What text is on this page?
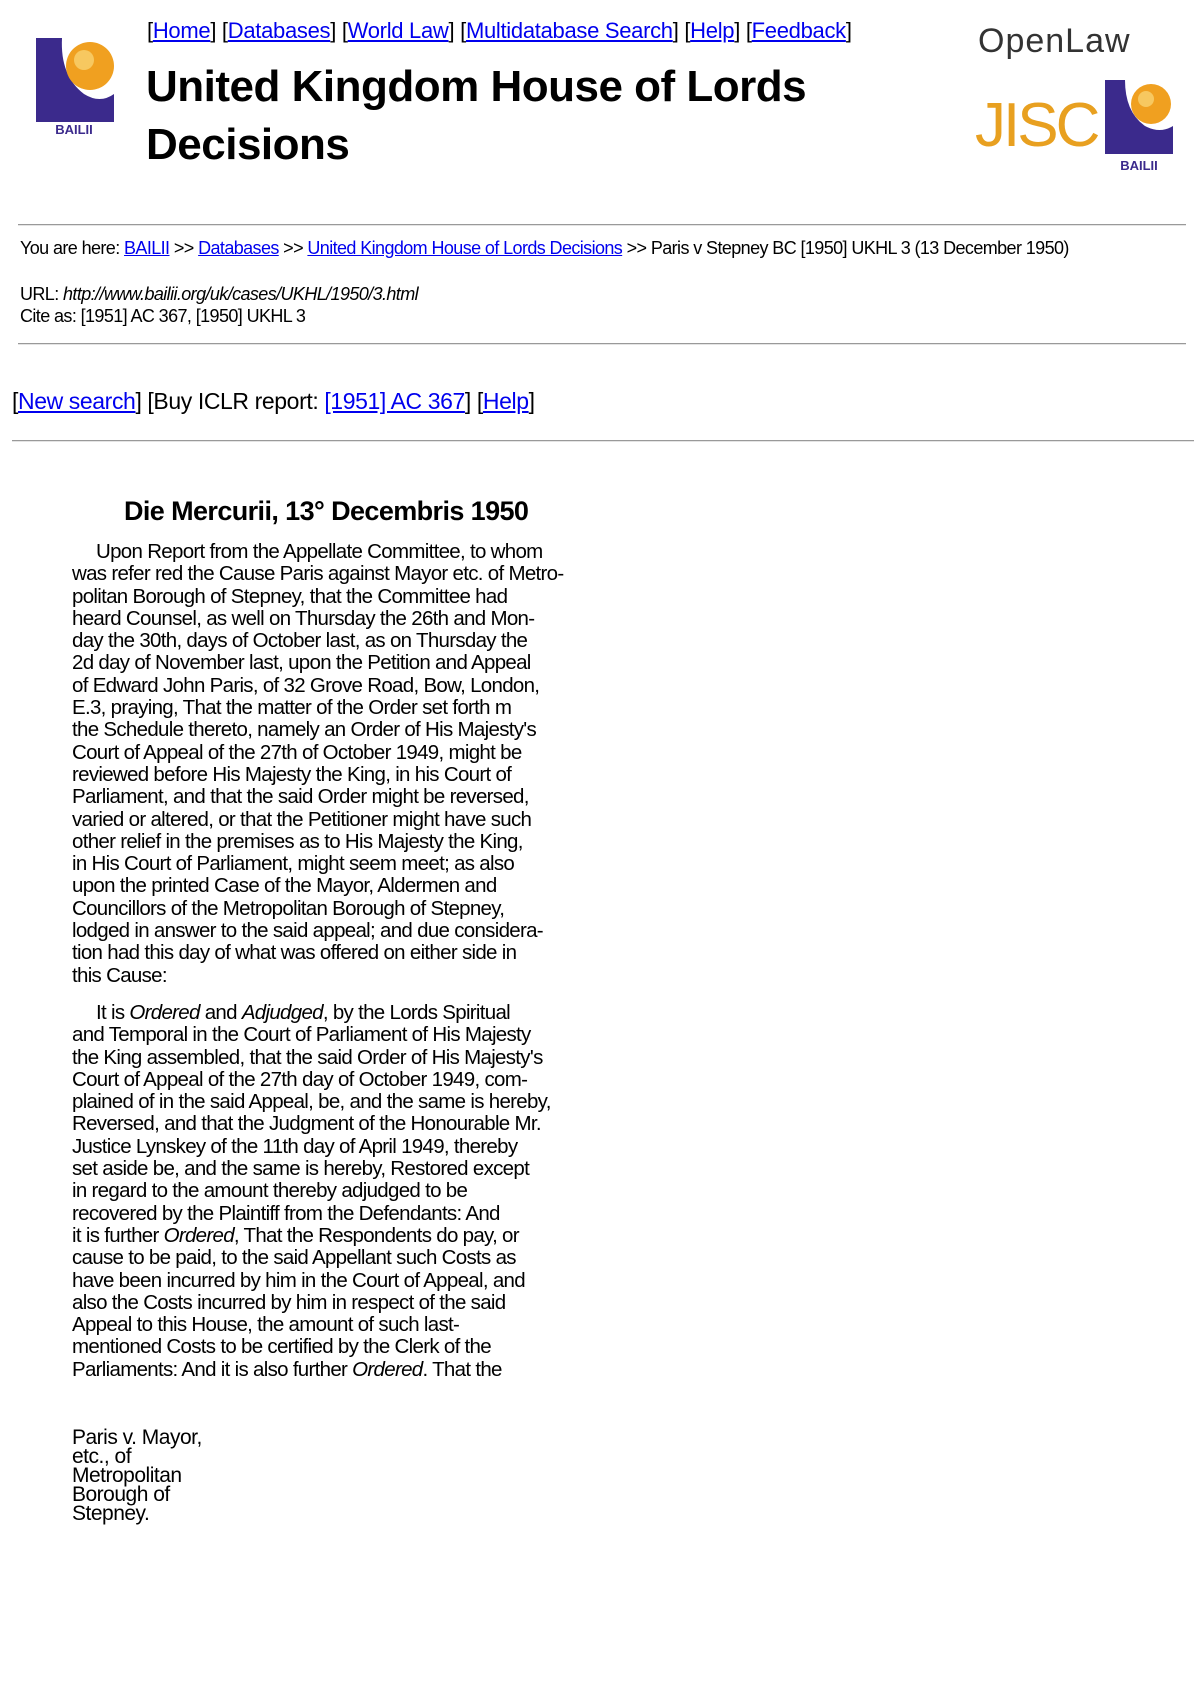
BAILII
[Home] [Databases] [World Law] [Multidatabase Search] [Help] [Feedback]
United Kingdom House of Lords Decisions
OpenLaw
JISC
BAILII
You are here: BAILII >> Databases >> United Kingdom House of Lords Decisions >> Paris v Stepney BC [1950] UKHL 3 (13 December 1950)
URL: http://www.bailii.org/uk/cases/UKHL/1950/3.html
Cite as: [1951] AC 367, [1950] UKHL 3
[New search] [Buy ICLR report: [1951] AC 367] [Help]
Die Mercurii, 13° Decembris 1950
Upon Report from the Appellate Committee, to whom
was refer red the Cause Paris against Mayor etc. of Metro-
politan Borough of Stepney, that the Committee had
heard Counsel, as well on Thursday the 26th and Mon-
day the 30th, days of October last, as on Thursday the
2d day of November last, upon the Petition and Appeal
of Edward John Paris, of 32 Grove Road, Bow, London,
E.3, praying, That the matter of the Order set forth m
the Schedule thereto, namely an Order of His Majesty's
Court of Appeal of the 27th of October 1949, might be
reviewed before His Majesty the King, in his Court of
Parliament, and that the said Order might be reversed,
varied or altered, or that the Petitioner might have such
other relief in the premises as to His Majesty the King,
in His Court of Parliament, might seem meet; as also
upon the printed Case of the Mayor, Aldermen and
Councillors of the Metropolitan Borough of Stepney,
lodged in answer to the said appeal; and due considera-
tion had this day of what was offered on either side in
this Cause:
It is Ordered and Adjudged, by the Lords Spiritual
and Temporal in the Court of Parliament of His Majesty
the King assembled, that the said Order of His Majesty's
Court of Appeal of the 27th day of October 1949, com-
plained of in the said Appeal, be, and the same is hereby,
Reversed, and that the Judgment of the Honourable Mr.
Justice Lynskey of the 11th day of April 1949, thereby
set aside be, and the same is hereby, Restored except
in regard to the amount thereby adjudged to be
recovered by the Plaintiff from the Defendants: And
it is further Ordered, That the Respondents do pay, or
cause to be paid, to the said Appellant such Costs as
have been incurred by him in the Court of Appeal, and
also the Costs incurred by him in respect of the said
Appeal to this House, the amount of such last-
mentioned Costs to be certified by the Clerk of the
Parliaments: And it is also further Ordered. That the
Paris v. Mayor,
etc., of
Metropolitan
Borough of
Stepney.
